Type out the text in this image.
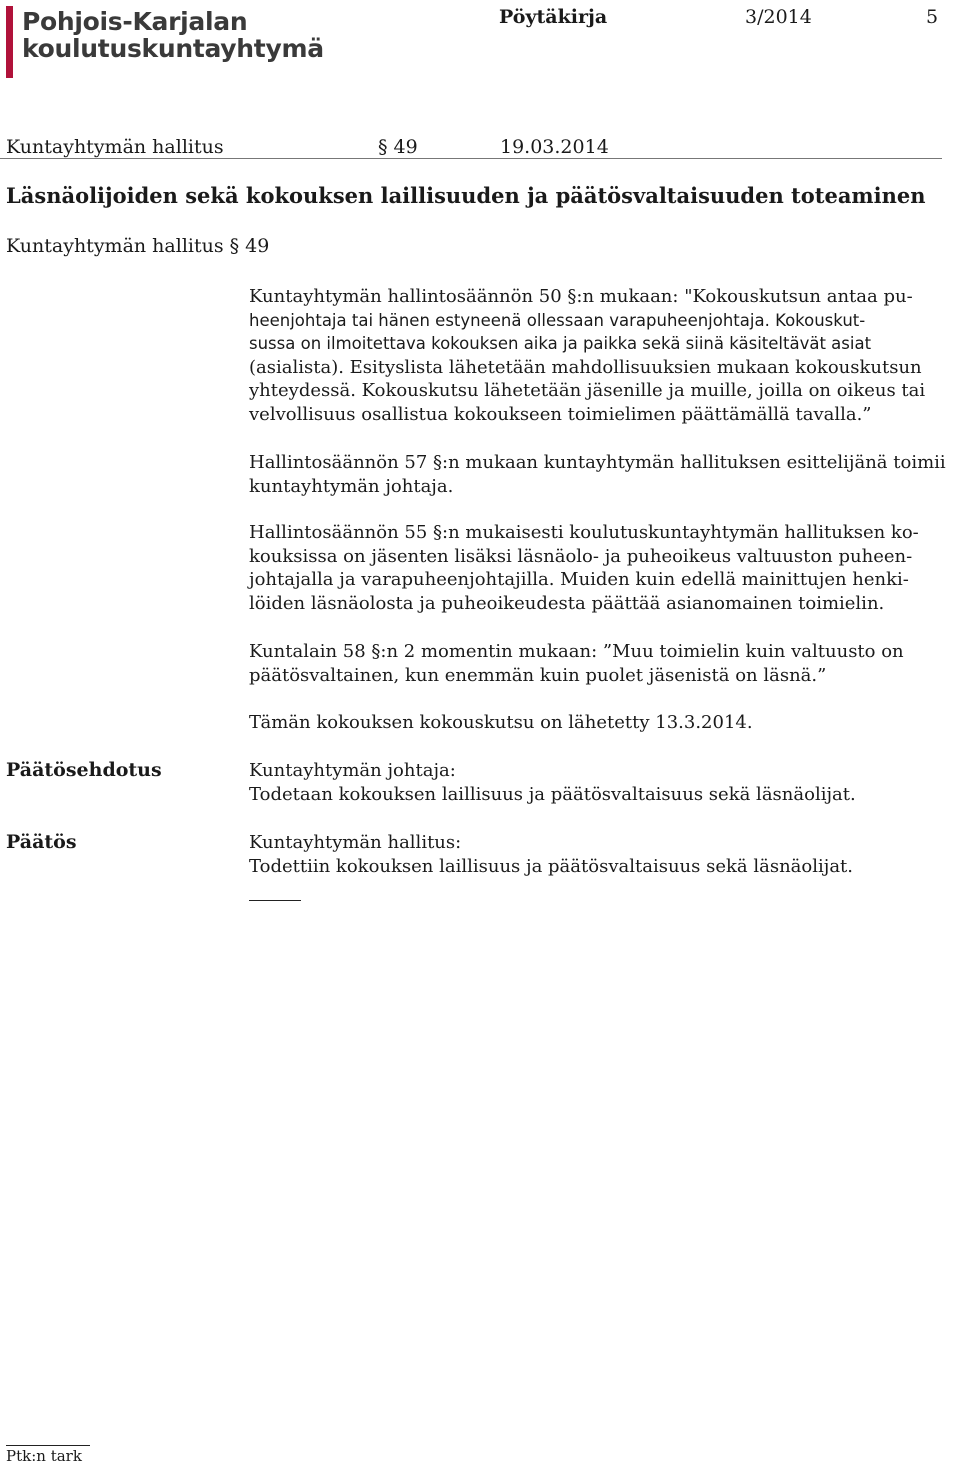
Pohjois-Karjalan
koulutuskuntayhtymä
Pöytäkirja	3/2014	5
Kuntayhtymän hallitus	§ 49	19.03.2014
Läsnäolijoiden sekä kokouksen laillisuuden ja päätösvaltaisuuden toteaminen
Kuntayhtymän hallitus § 49
Kuntayhtymän hallintosäännön 50 §:n mukaan: "Kokouskutsun antaa pu-
heenjohtaja tai hänen estyneenä ollessaan varapuheenjohtaja. Kokouskut-
sussa on ilmoitettava kokouksen aika ja paikka sekä siinä käsiteltävät asiat
(asialista). Esityslista lähetetään mahdollisuuksien mukaan kokouskutsun
yhteydessä. Kokouskutsu lähetetään jäsenille ja muille, joilla on oikeus tai
velvollisuus osallistua kokoukseen toimielimen päättämällä tavalla.”
Hallintosäännön 57 §:n mukaan kuntayhtymän hallituksen esittelijänä toimii
kuntayhtymän johtaja.
Hallintosäännön 55 §:n mukaisesti koulutuskuntayhtymän hallituksen ko-
kouksissa on jäsenten lisäksi läsnäolo- ja puheoikeus valtuuston puheen-
johtajalla ja varapuheenjohtajilla. Muiden kuin edellä mainittujen henki-
löiden läsnäolosta ja puheoikeudesta päättää asianomainen toimielin.
Kuntalain 58 §:n 2 momentin mukaan: ”Muu toimielin kuin valtuusto on
päätösvaltainen, kun enemmän kuin puolet jäsenistä on läsnä.”
Tämän kokouksen kokouskutsu on lähetetty 13.3.2014.
Päätösehdotus	Kuntayhtymän johtaja:
Todetaan kokouksen laillisuus ja päätösvaltaisuus sekä läsnäolijat.
Päätös	Kuntayhtymän hallitus:
Todettiin kokouksen laillisuus ja päätösvaltaisuus sekä läsnäolijat.
Ptk:n tark
